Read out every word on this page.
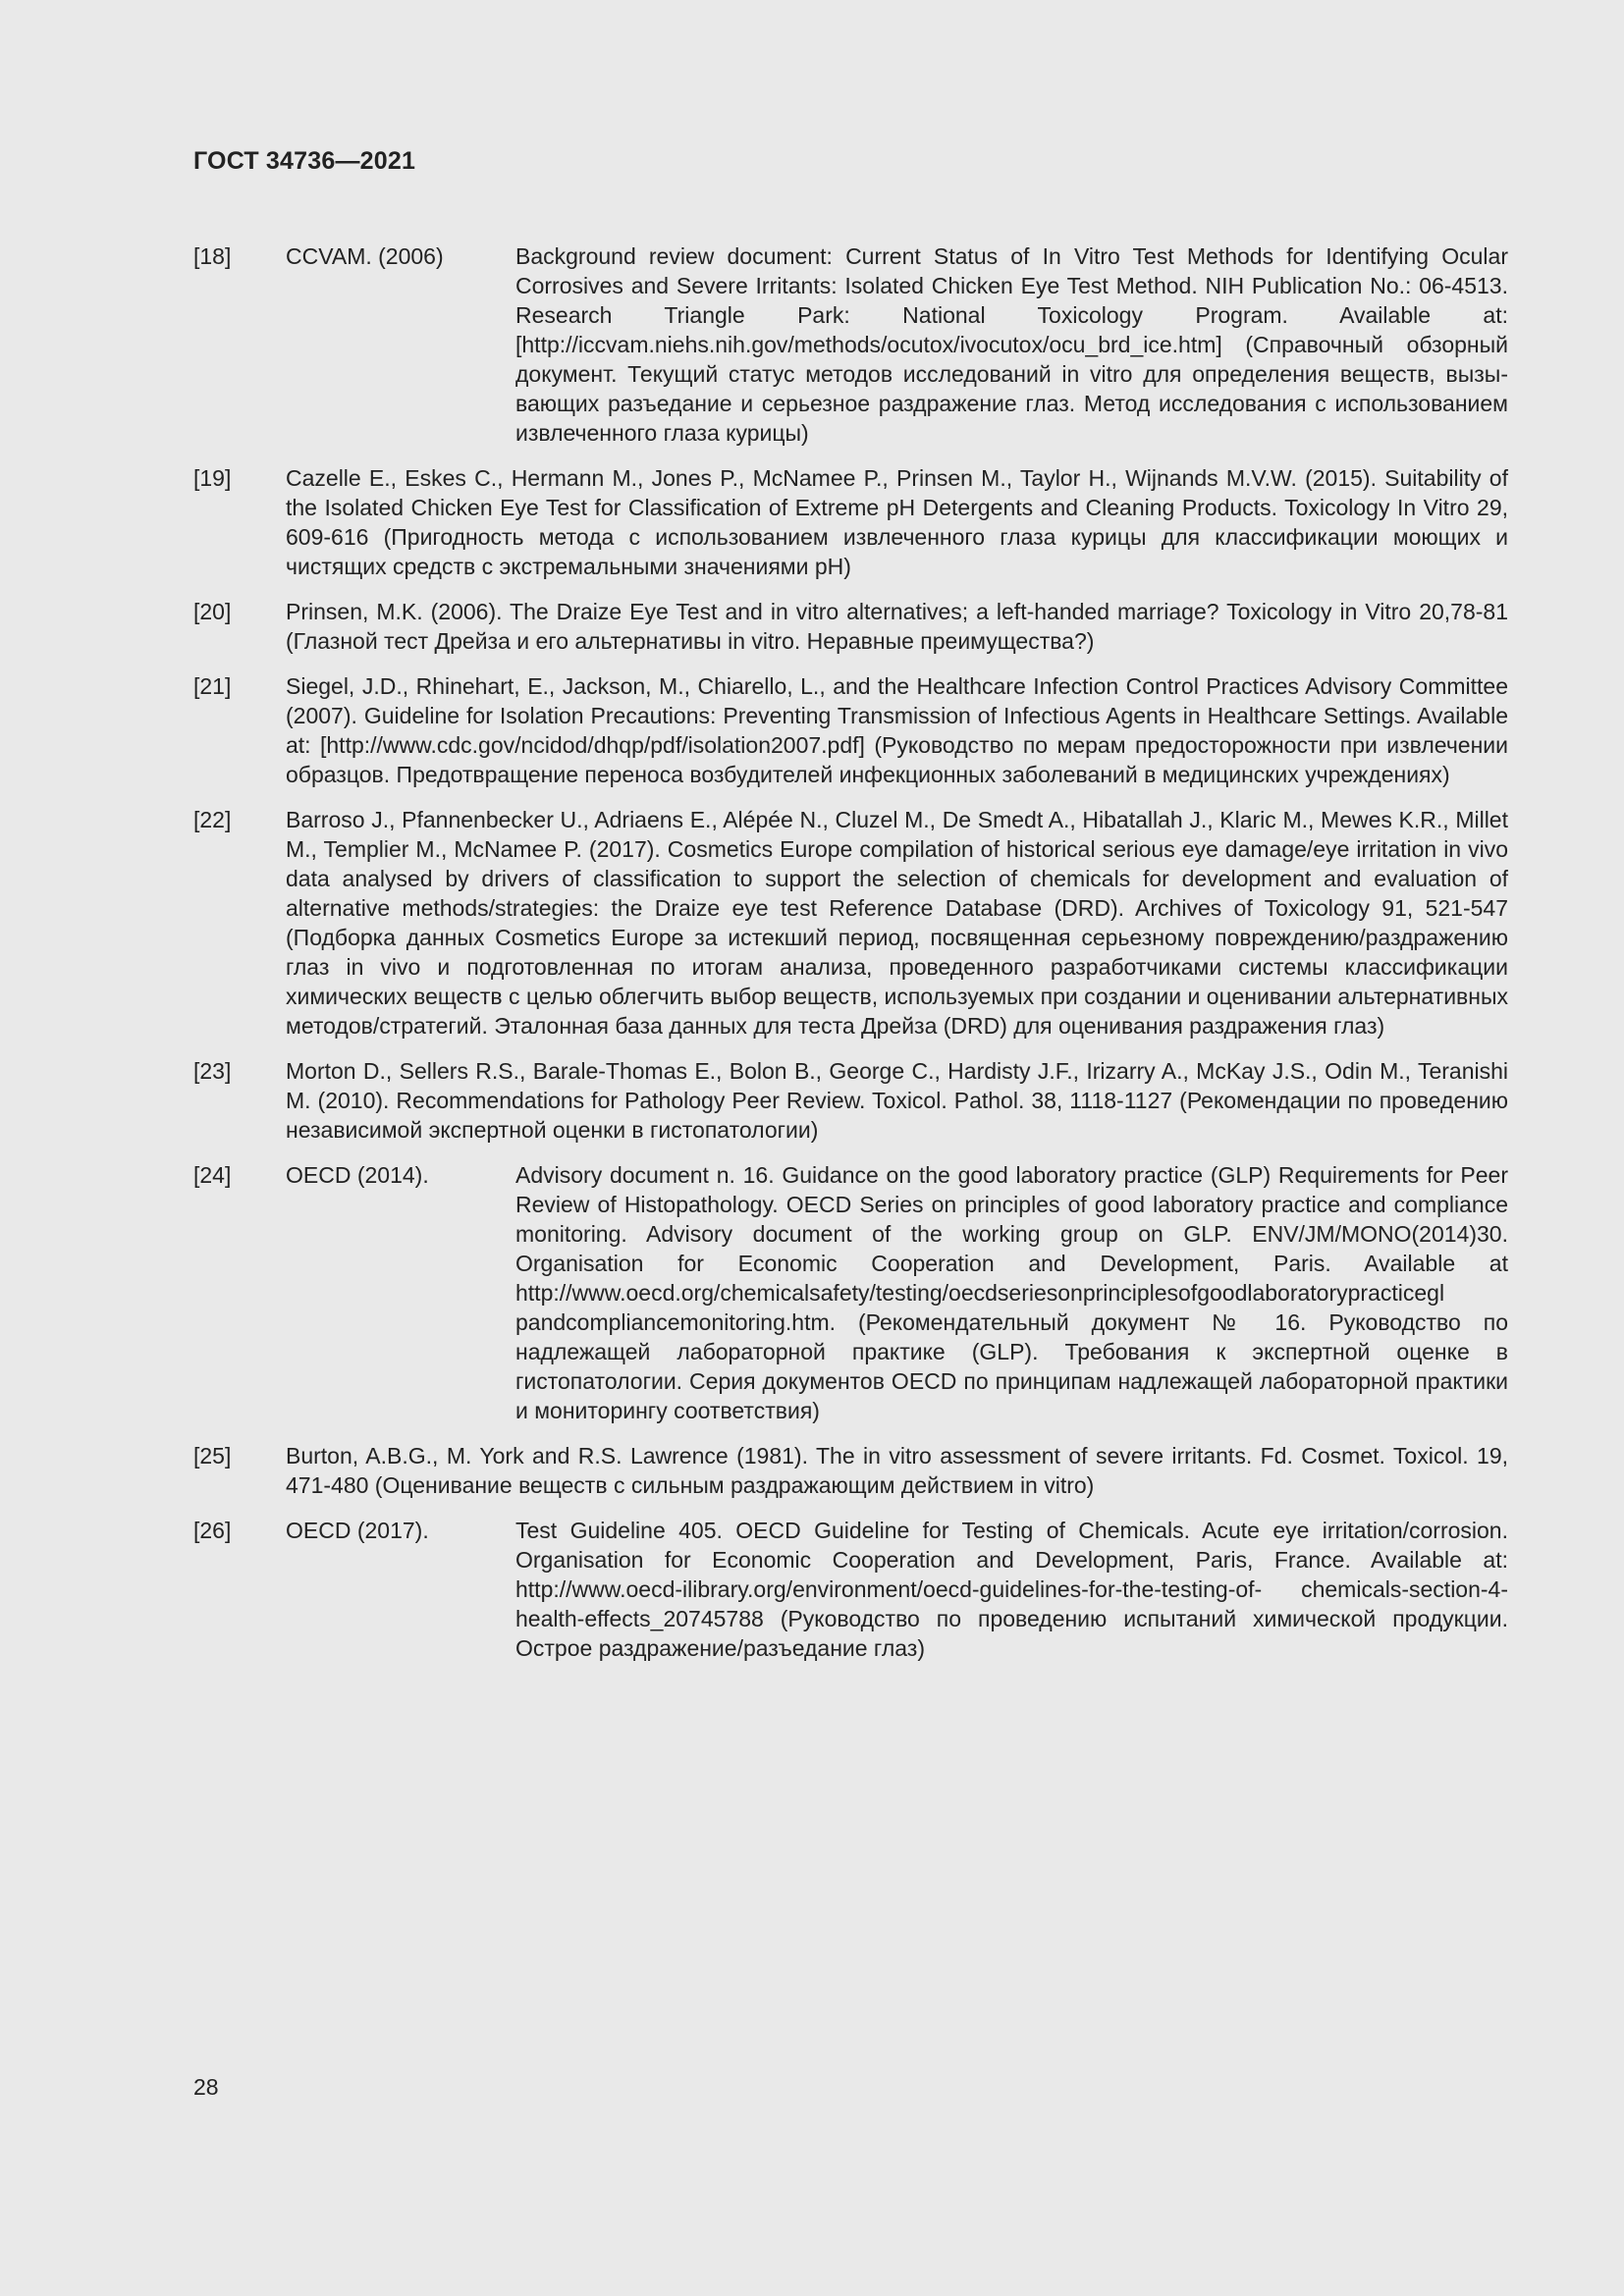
ГОСТ 34736—2021
[18]	CCVAM. (2006)	Background review document: Current Status of In Vitro Test Methods for Identifying Ocular Corrosives and Severe Irritants: Isolated Chicken Eye Test Method. NIH Publication No.: 06-4513. Research Triangle Park: National Toxicology Program. Available at: [http://iccvam.niehs.nih.gov/methods/ocutox/ivocutox/ocu_brd_ice.htm] (Справочный обзорный документ. Текущий статус методов исследований in vitro для определения веществ, вызывающих разъедание и серьезное раздражение глаз. Метод исследования с использованием извлеченного глаза курицы)
[19]	Cazelle E., Eskes C., Hermann M., Jones P., McNamee P., Prinsen M., Taylor H., Wijnands M.V.W. (2015). Suitability of the Isolated Chicken Eye Test for Classification of Extreme pH Detergents and Cleaning Products. Toxicology In Vitro 29, 609-616 (Пригодность метода с использованием извлеченного глаза курицы для классификации моющих и чистящих средств с экстремальными значениями pH)
[20]	Prinsen, M.K. (2006). The Draize Eye Test and in vitro alternatives; a left-handed marriage? Toxicology in Vitro 20,78-81 (Глазной тест Дрейза и его альтернативы in vitro. Неравные преимущества?)
[21]	Siegel, J.D., Rhinehart, E., Jackson, M., Chiarello, L., and the Healthcare Infection Control Practices Advisory Committee (2007). Guideline for Isolation Precautions: Preventing Transmission of Infectious Agents in Healthcare Settings. Available at: [http://www.cdc.gov/ncidod/dhqp/pdf/isolation2007.pdf] (Руководство по мерам предосторожности при извлечении образцов. Предотвращение переноса возбудителей инфекционных заболеваний в медицинских учреждениях)
[22]	Barroso J., Pfannenbecker U., Adriaens E., Alépée N., Cluzel M., De Smedt A., Hibatallah J., Klaric M., Mewes K.R., Millet M., Templier M., McNamee P. (2017). Cosmetics Europe compilation of historical serious eye damage/eye irritation in vivo data analysed by drivers of classification to support the selection of chemicals for development and evaluation of alternative methods/strategies: the Draize eye test Reference Database (DRD). Archives of Toxicology 91, 521-547 (Подборка данных Cosmetics Europe за истекший период, посвященная серьезному повреждению/раздражению глаз in vivo и подготовленная по итогам анализа, проведенного разработчиками системы классификации химических веществ с целью облегчить выбор веществ, используемых при создании и оценивании альтернативных методов/стратегий. Эталонная база данных для теста Дрейза (DRD) для оценивания раздражения глаз)
[23]	Morton D., Sellers R.S., Barale-Thomas E., Bolon B., George C., Hardisty J.F., Irizarry A., McKay J.S., Odin M., Teranishi M. (2010). Recommendations for Pathology Peer Review. Toxicol. Pathol. 38, 1118-1127 (Рекомендации по проведению независимой экспертной оценки в гистопатологии)
[24]	OECD (2014).	Advisory document n. 16. Guidance on the good laboratory practice (GLP) Requirements for Peer Review of Histopathology. OECD Series on principles of good laboratory practice and compliance monitoring. Advisory document of the working group on GLP. ENV/JM/MONO(2014)30. Organisation for Economic Cooperation and Development, Paris. Available at http://www.oecd.org/chemicalsafety/testing/oecdseriesonprinciplesofgoodlaboratorypracticegl pandcompliancemonitoring.htm. (Рекомендательный документ № 16. Руководство по надлежащей лабораторной практике (GLP). Требования к экспертной оценке в гистопатологии. Серия документов OECD по принципам надлежащей лабораторной практики и мониторингу соответствия)
[25]	Burton, A.B.G., M. York and R.S. Lawrence (1981). The in vitro assessment of severe irritants. Fd. Cosmet. Toxicol. 19, 471-480 (Оценивание веществ с сильным раздражающим действием in vitro)
[26]	OECD (2017).	Test Guideline 405. OECD Guideline for Testing of Chemicals. Acute eye irritation/corrosion. Organisation for Economic Cooperation and Development, Paris, France. Available at: http://www.oecd-ilibrary.org/environment/oecd-guidelines-for-the-testing-of- chemicals-section-4-health-effects_20745788 (Руководство по проведению испытаний химической продукции. Острое раздражение/разъедание глаз)
28
